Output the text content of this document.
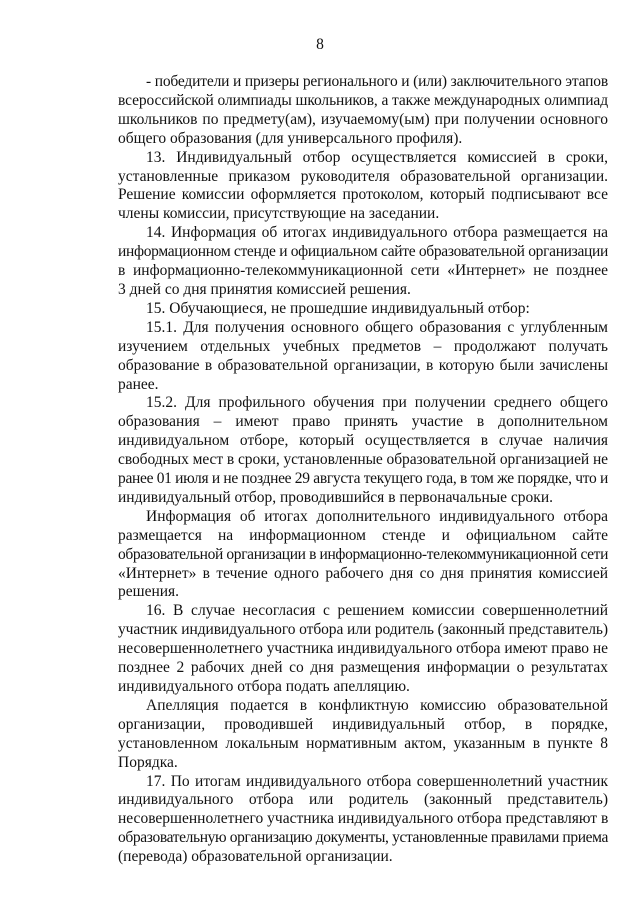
8
- победители и призеры регионального и (или) заключительного этапов
всероссийской олимпиады школьников, а также международных олимпиад
школьников по предмету(ам), изучаемому(ым) при получении основного
общего образования (для универсального профиля).
13. Индивидуальный отбор осуществляется комиссией в сроки,
установленные приказом руководителя образовательной организации.
Решение комиссии оформляется протоколом, который подписывают все
члены комиссии, присутствующие на заседании.
14. Информация об итогах индивидуального отбора размещается на
информационном стенде и официальном сайте образовательной организации
в информационно-телекоммуникационной сети «Интернет» не позднее
3 дней со дня принятия комиссией решения.
15. Обучающиеся, не прошедшие индивидуальный отбор:
15.1. Для получения основного общего образования с углубленным
изучением отдельных учебных предметов – продолжают получать
образование в образовательной организации, в которую были зачислены
ранее.
15.2. Для профильного обучения при получении среднего общего
образования – имеют право принять участие в дополнительном
индивидуальном отборе, который осуществляется в случае наличия
свободных мест в сроки, установленные образовательной организацией не
ранее 01 июля и не позднее 29 августа текущего года, в том же порядке, что и
индивидуальный отбор, проводившийся в первоначальные сроки.
Информация об итогах дополнительного индивидуального отбора
размещается на информационном стенде и официальном сайте
образовательной организации в информационно-телекоммуникационной сети
«Интернет» в течение одного рабочего дня со дня принятия комиссией
решения.
16. В случае несогласия с решением комиссии совершеннолетний
участник индивидуального отбора или родитель (законный представитель)
несовершеннолетнего участника индивидуального отбора имеют право не
позднее 2 рабочих дней со дня размещения информации о результатах
индивидуального отбора подать апелляцию.
Апелляция подается в конфликтную комиссию образовательной
организации, проводившей индивидуальный отбор, в порядке,
установленном локальным нормативным актом, указанным в пункте 8
Порядка.
17. По итогам индивидуального отбора совершеннолетний участник
индивидуального отбора или родитель (законный представитель)
несовершеннолетнего участника индивидуального отбора представляют в
образовательную организацию документы, установленные правилами приема
(перевода) образовательной организации.
